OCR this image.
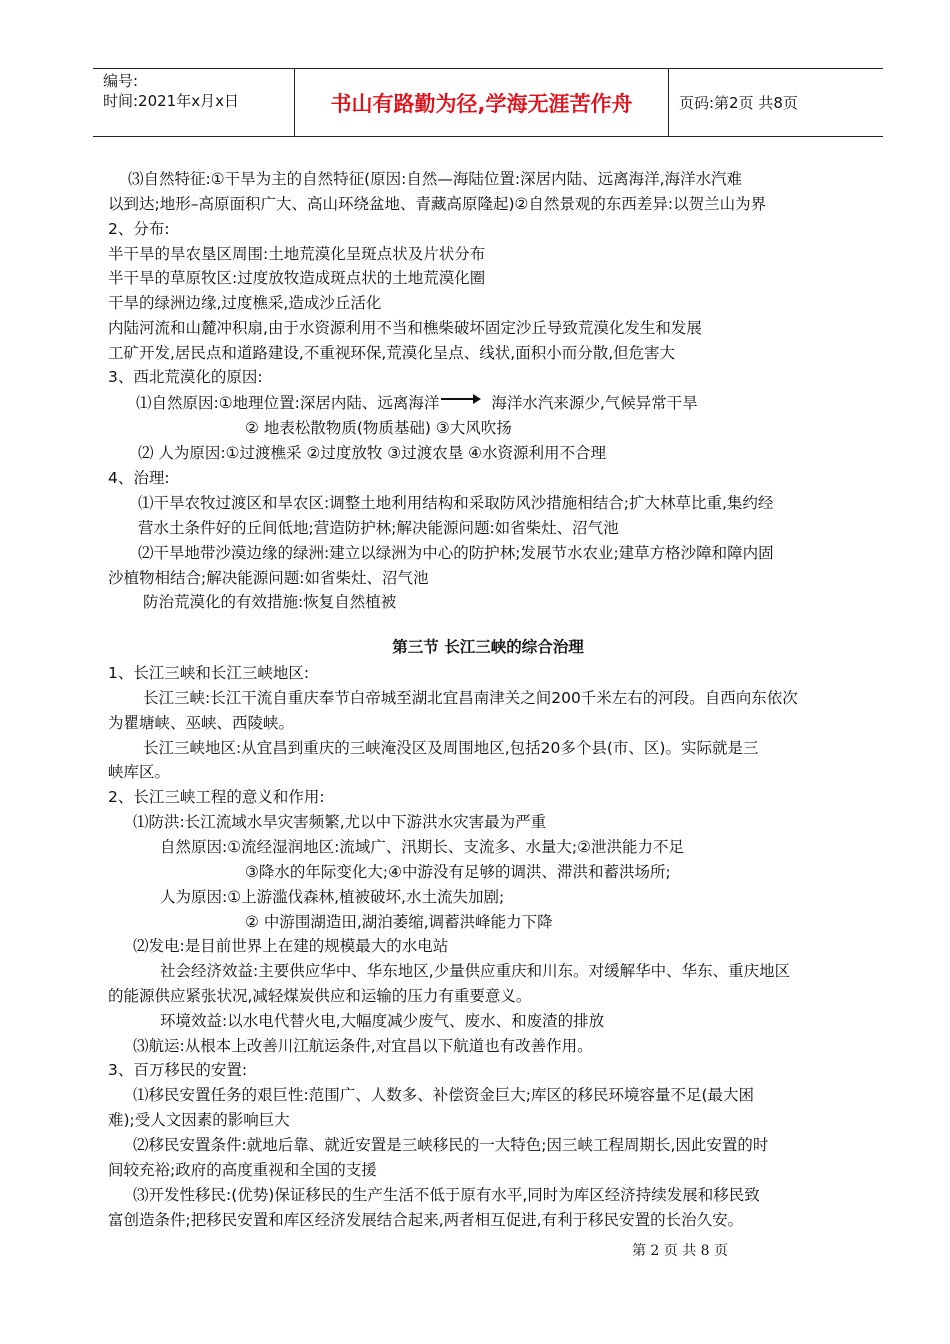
编号:
时间:2021年x月x日	书山有路勤为径,学海无涯苦作舟	页码:第2页 共8页
⑶自然特征:①干旱为主的自然特征(原因:自然—海陆位置:深居内陆、远离海洋,海洋水汽难
以到达;地形–高原面积广大、高山环绕盆地、青藏高原隆起)②自然景观的东西差异:以贺兰山为界
2、分布:
半干旱的旱农垦区周围:土地荒漠化呈斑点状及片状分布
半干旱的草原牧区:过度放牧造成斑点状的土地荒漠化圈
干旱的绿洲边缘,过度樵采,造成沙丘活化
内陆河流和山麓冲积扇,由于水资源利用不当和樵柴破坏固定沙丘导致荒漠化发生和发展
工矿开发,居民点和道路建设,不重视环保,荒漠化呈点、线状,面积小而分散,但危害大
3、西北荒漠化的原因:
⑴自然原因:①地理位置:深居内陆、远离海洋	海洋水汽来源少,气候异常干旱
② 地表松散物质(物质基础) ③大风吹扬
⑵ 人为原因:①过渡樵采 ②过度放牧 ③过渡农垦 ④水资源利用不合理
4、治理:
⑴干旱农牧过渡区和旱农区:调整土地利用结构和采取防风沙措施相结合;扩大林草比重,集约经
营水土条件好的丘间低地;营造防护林;解决能源问题:如省柴灶、沼气池
⑵干旱地带沙漠边缘的绿洲:建立以绿洲为中心的防护林;发展节水农业;建草方格沙障和障内固
沙植物相结合;解决能源问题:如省柴灶、沼气池
防治荒漠化的有效措施:恢复自然植被
第三节 长江三峡的综合治理
1、长江三峡和长江三峡地区:
长江三峡:长江干流自重庆奉节白帝城至湖北宜昌南津关之间200千米左右的河段。自西向东依次
为瞿塘峡、巫峡、西陵峡。
长江三峡地区:从宜昌到重庆的三峡淹没区及周围地区,包括20多个县(市、区)。实际就是三
峡库区。
2、长江三峡工程的意义和作用:
⑴防洪:长江流域水旱灾害频繁,尤以中下游洪水灾害最为严重
自然原因:①流经湿润地区:流域广、汛期长、支流多、水量大;②泄洪能力不足
③降水的年际变化大;④中游没有足够的调洪、滞洪和蓄洪场所;
人为原因:①上游滥伐森林,植被破坏,水土流失加剧;
② 中游围湖造田,湖泊萎缩,调蓄洪峰能力下降
⑵发电:是目前世界上在建的规模最大的水电站
社会经济效益:主要供应华中、华东地区,少量供应重庆和川东。对缓解华中、华东、重庆地区
的能源供应紧张状况,减轻煤炭供应和运输的压力有重要意义。
环境效益:以水电代替火电,大幅度减少废气、废水、和废渣的排放
⑶航运:从根本上改善川江航运条件,对宜昌以下航道也有改善作用。
3、百万移民的安置:
⑴移民安置任务的艰巨性:范围广、人数多、补偿资金巨大;库区的移民环境容量不足(最大困
难);受人文因素的影响巨大
⑵移民安置条件:就地后靠、就近安置是三峡移民的一大特色;因三峡工程周期长,因此安置的时
间较充裕;政府的高度重视和全国的支援
⑶开发性移民:(优势)保证移民的生产生活不低于原有水平,同时为库区经济持续发展和移民致
富创造条件;把移民安置和库区经济发展结合起来,两者相互促进,有利于移民安置的长治久安。
第 2 页 共 8 页
